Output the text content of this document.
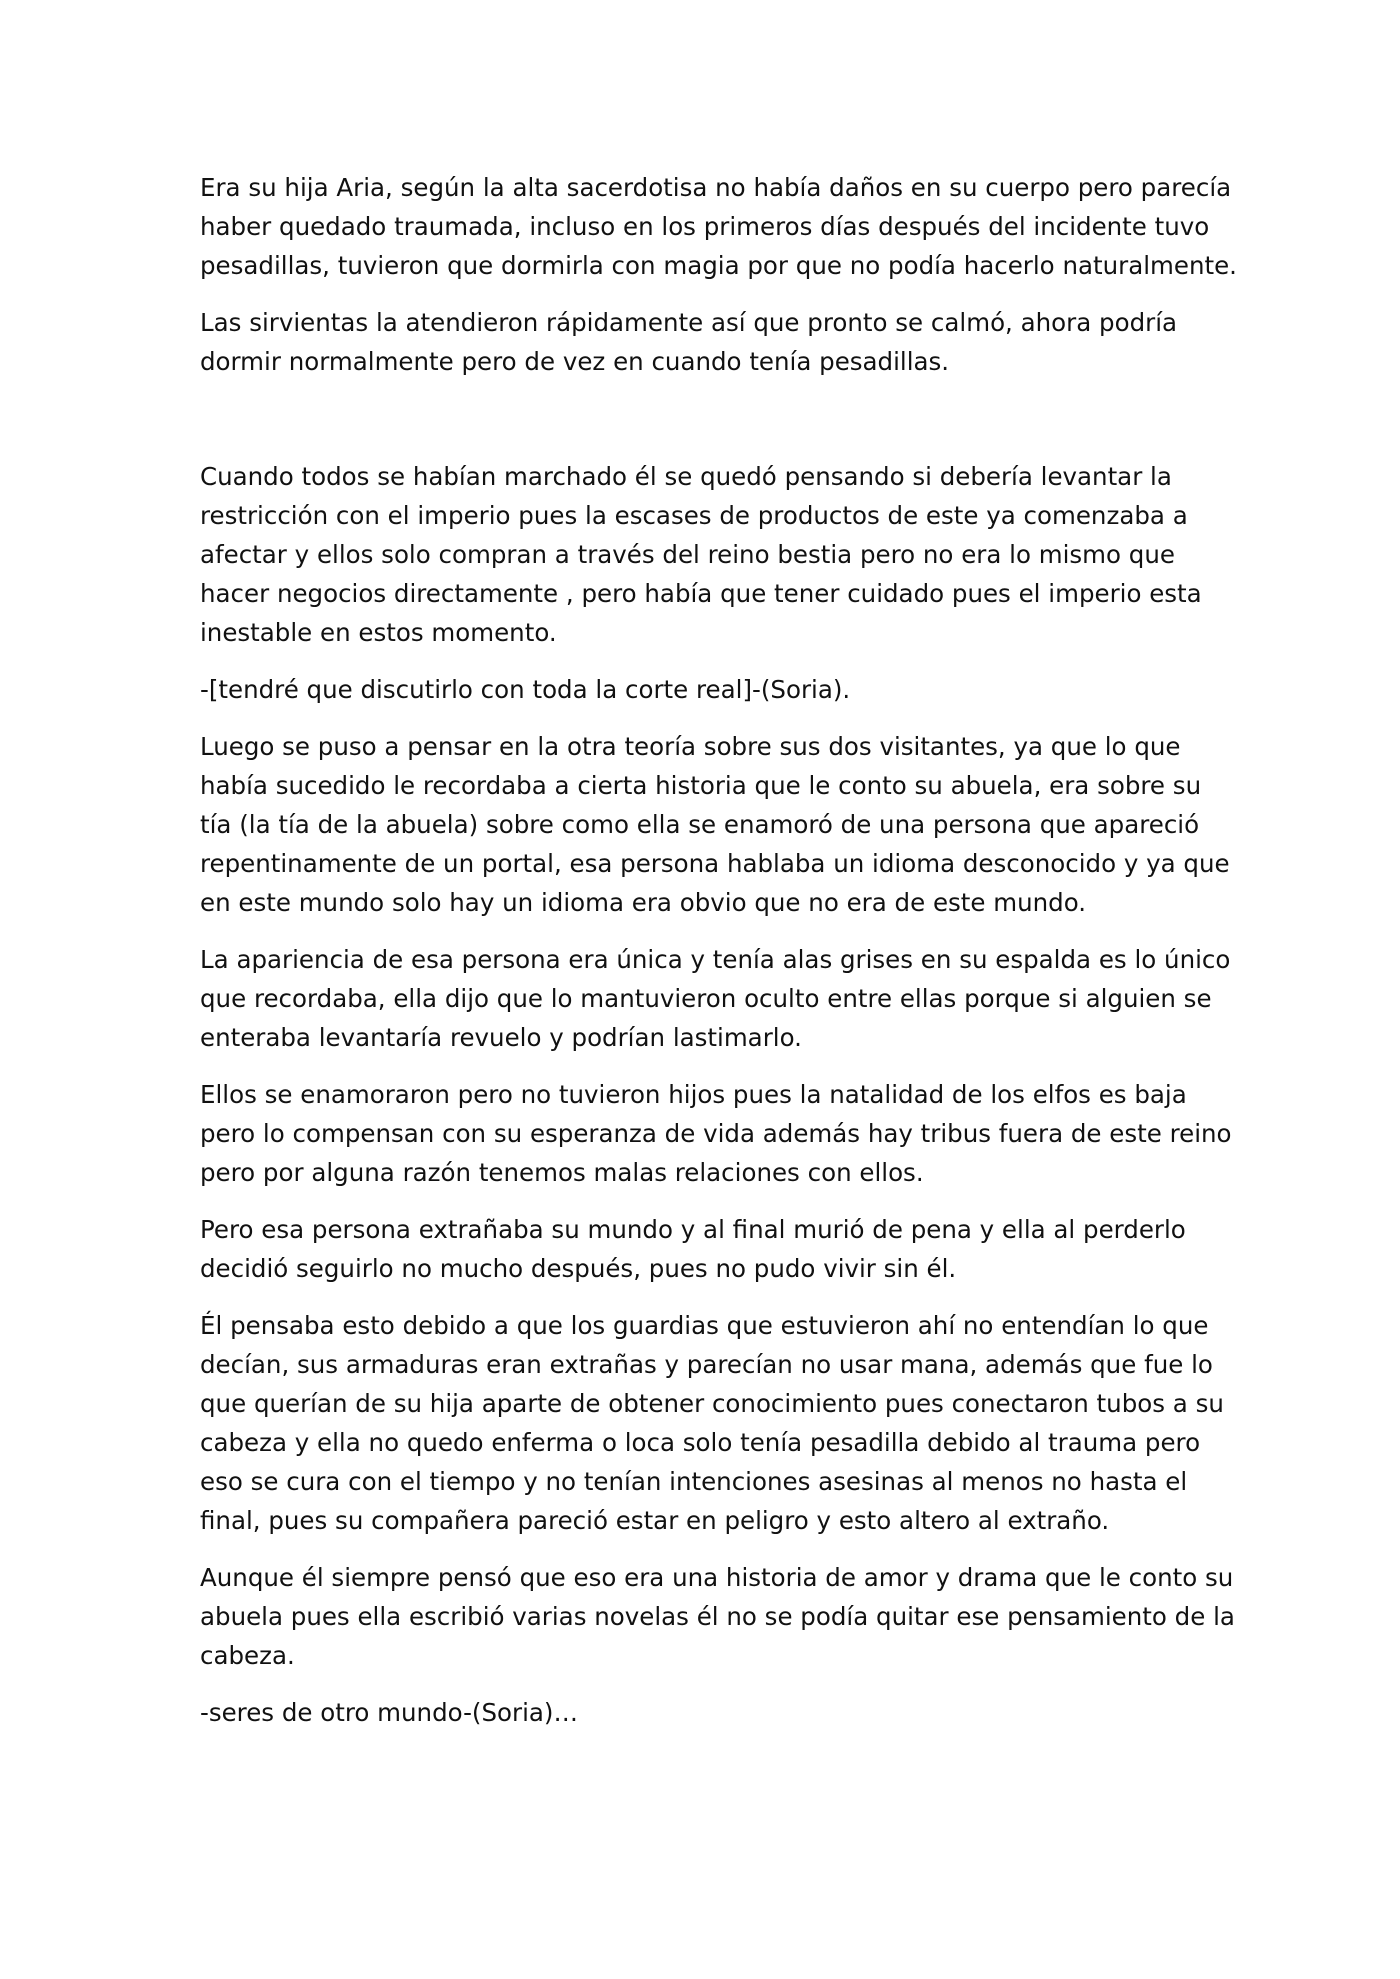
Era su hija Aria, según la alta sacerdotisa no había daños en su cuerpo pero parecía
haber quedado traumada, incluso en los primeros días después del incidente tuvo
pesadillas, tuvieron que dormirla con magia por que no podía hacerlo naturalmente.

Las sirvientas la atendieron rápidamente así que pronto se calmó, ahora podría
dormir normalmente pero de vez en cuando tenía pesadillas.

Cuando todos se habían marchado él se quedó pensando si debería levantar la
restricción con el imperio pues la escases de productos de este ya comenzaba a
afectar y ellos solo compran a través del reino bestia pero no era lo mismo que
hacer negocios directamente , pero había que tener cuidado pues el imperio esta
inestable en estos momento.

-[tendré que discutirlo con toda la corte real]-(Soria).

Luego se puso a pensar en la otra teoría sobre sus dos visitantes, ya que lo que
había sucedido le recordaba a cierta historia que le conto su abuela, era sobre su
tía (la tía de la abuela) sobre como ella se enamoró de una persona que apareció
repentinamente de un portal, esa persona hablaba un idioma desconocido y ya que
en este mundo solo hay un idioma era obvio que no era de este mundo.

La apariencia de esa persona era única y tenía alas grises en su espalda es lo único
que recordaba, ella dijo que lo mantuvieron oculto entre ellas porque si alguien se
enteraba levantaría revuelo y podrían lastimarlo.

Ellos se enamoraron pero no tuvieron hijos pues la natalidad de los elfos es baja
pero lo compensan con su esperanza de vida además hay tribus fuera de este reino
pero por alguna razón tenemos malas relaciones con ellos.

Pero esa persona extrañaba su mundo y al final murió de pena y ella al perderlo
decidió seguirlo no mucho después, pues no pudo vivir sin él.

Él pensaba esto debido a que los guardias que estuvieron ahí no entendían lo que
decían, sus armaduras eran extrañas y parecían no usar mana, además que fue lo
que querían de su hija aparte de obtener conocimiento pues conectaron tubos a su
cabeza y ella no quedo enferma o loca solo tenía pesadilla debido al trauma pero
eso se cura con el tiempo y no tenían intenciones asesinas al menos no hasta el
final, pues su compañera pareció estar en peligro y esto altero al extraño.

Aunque él siempre pensó que eso era una historia de amor y drama que le conto su
abuela pues ella escribió varias novelas él no se podía quitar ese pensamiento de la
cabeza.

-seres de otro mundo-(Soria)…
